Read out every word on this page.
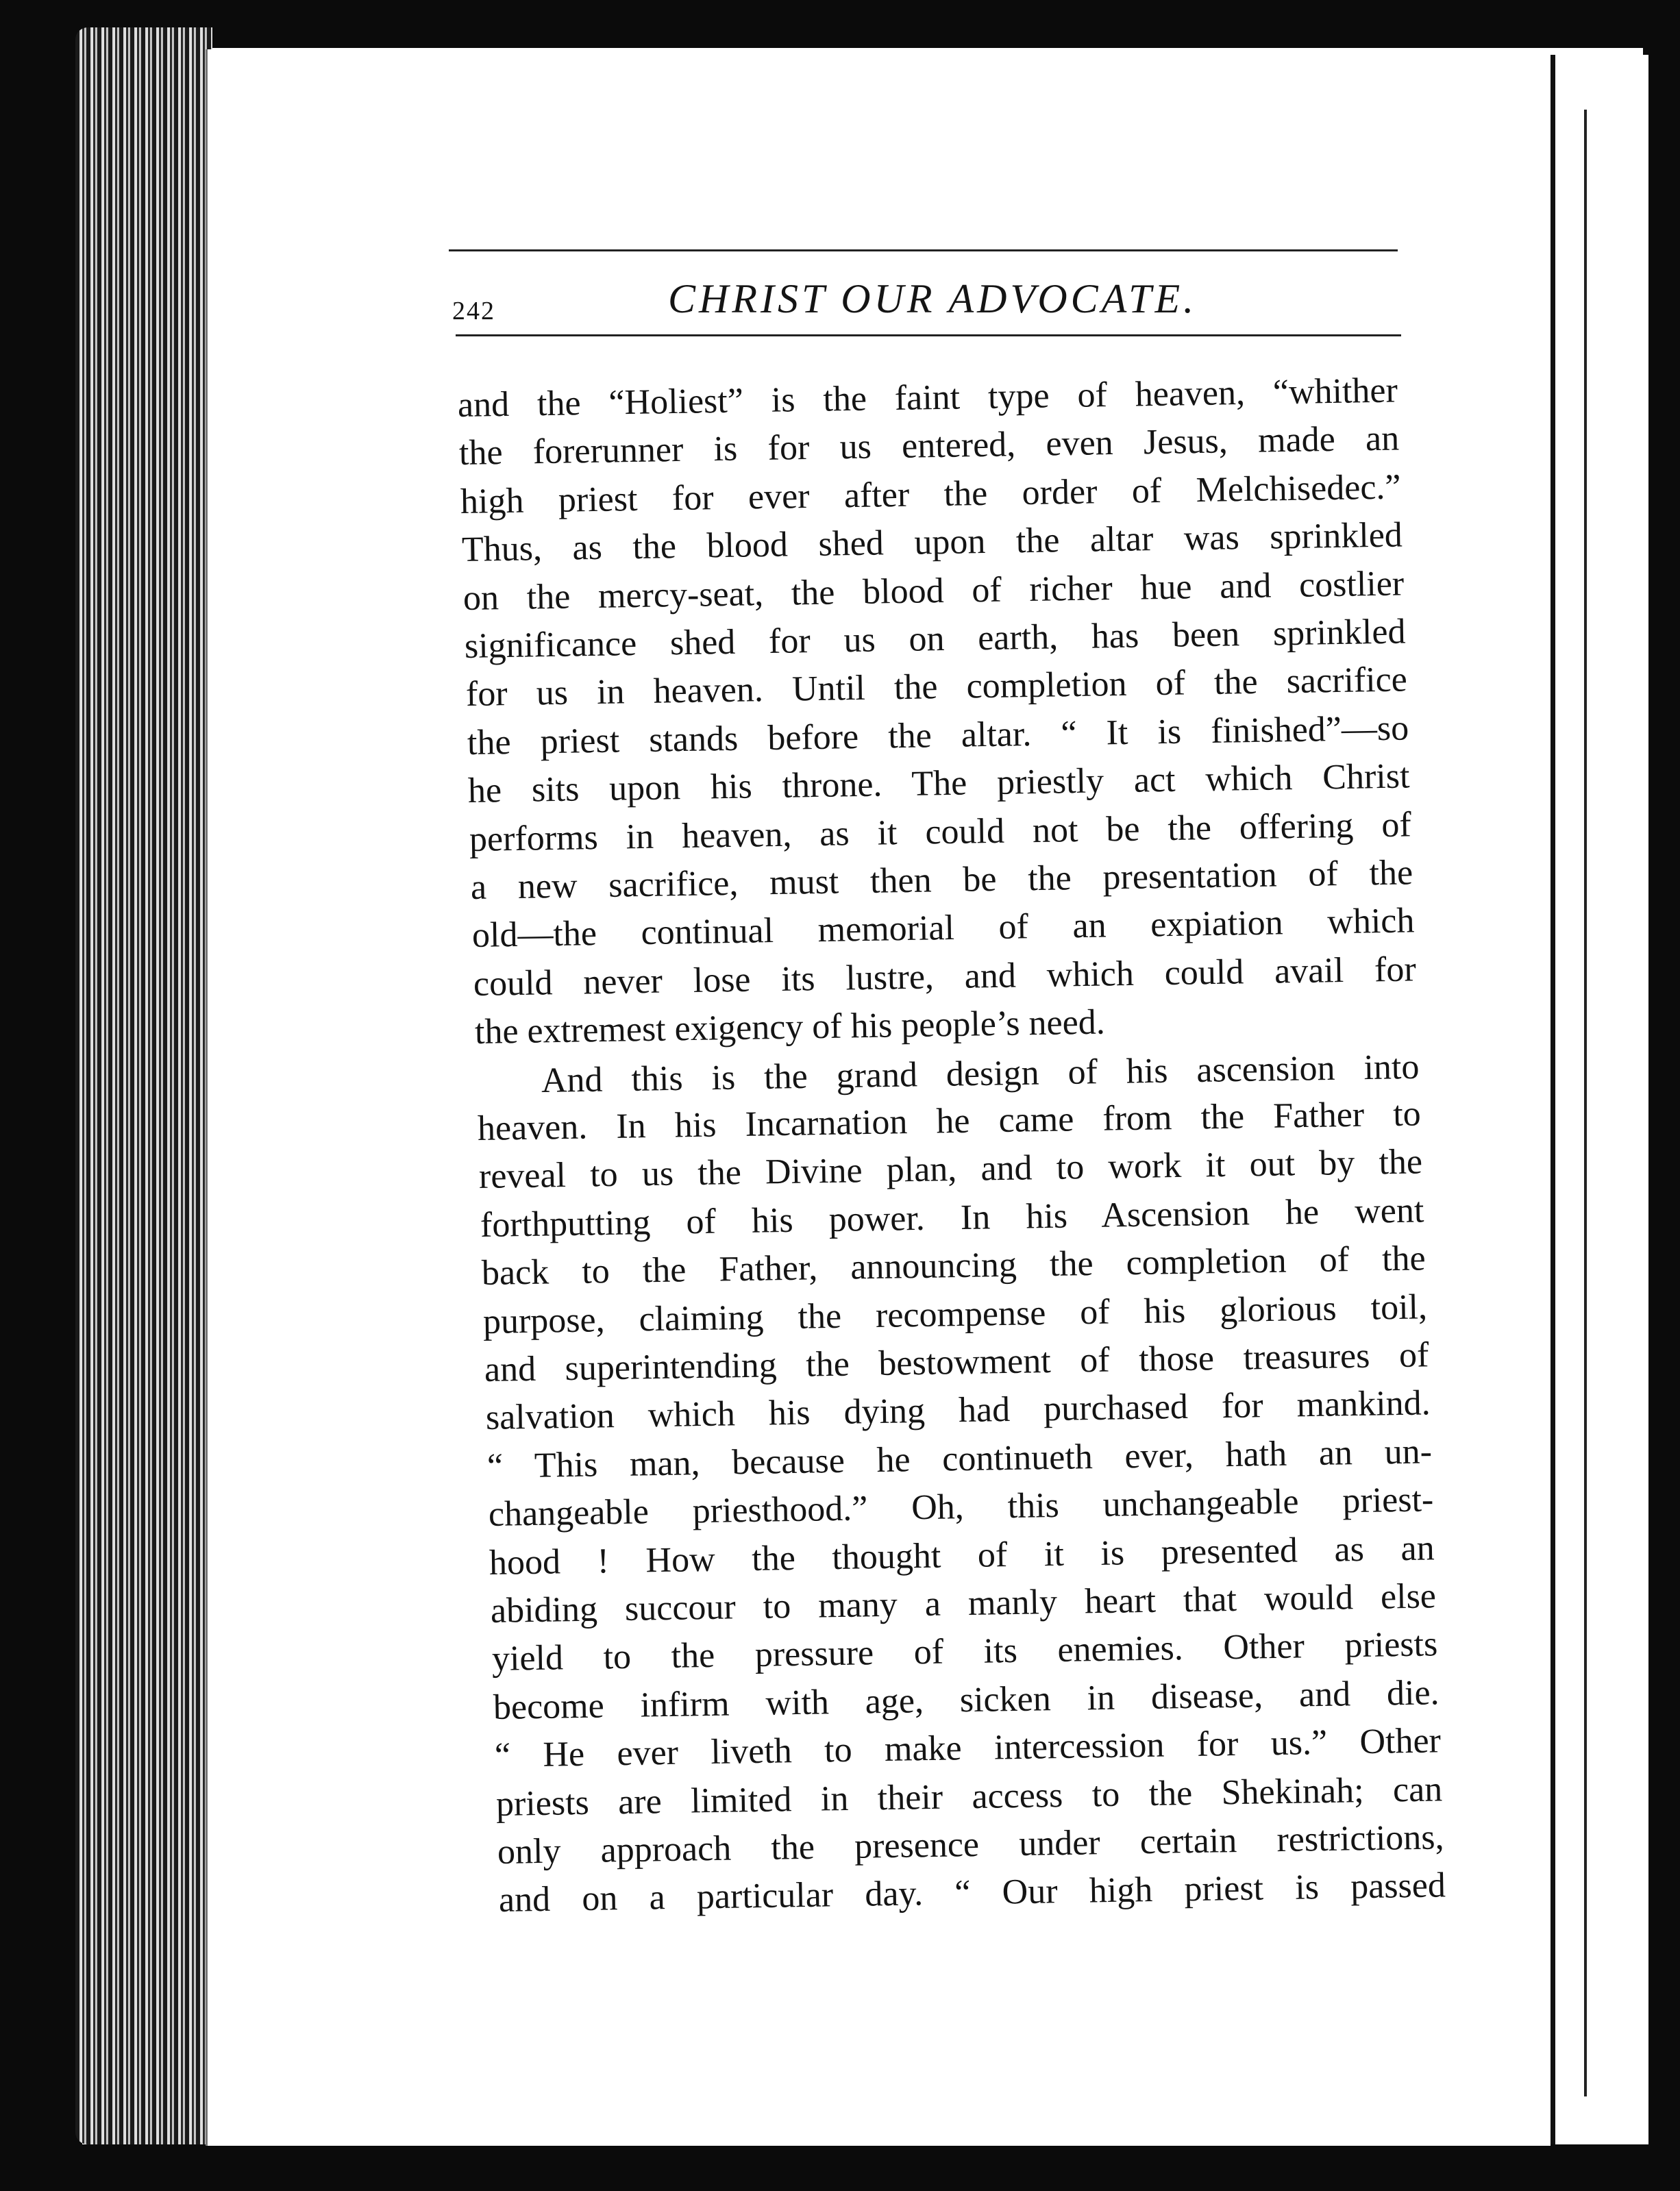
242	CHRIST OUR ADVOCATE.
and the “Holiest” is the faint type of heaven, “whither
the forerunner is for us entered, even Jesus, made an
high priest for ever after the order of Melchisedec.”
Thus, as the blood shed upon the altar was sprinkled
on the mercy-seat, the blood of richer hue and costlier
significance shed for us on earth, has been sprinkled
for us in heaven. Until the completion of the sacrifice
the priest stands before the altar. “ It is finished”—so
he sits upon his throne. The priestly act which Christ
performs in heaven, as it could not be the offering of
a new sacrifice, must then be the presentation of the
old—the continual memorial of an expiation which
could never lose its lustre, and which could avail for
the extremest exigency of his people’s need.
And this is the grand design of his ascension into
heaven. In his Incarnation he came from the Father to
reveal to us the Divine plan, and to work it out by the
forthputting of his power. In his Ascension he went
back to the Father, announcing the completion of the
purpose, claiming the recompense of his glorious toil,
and superintending the bestowment of those treasures of
salvation which his dying had purchased for mankind.
“ This man, because he continueth ever, hath an un-
changeable priesthood.” Oh, this unchangeable priest-
hood ! How the thought of it is presented as an
abiding succour to many a manly heart that would else
yield to the pressure of its enemies. Other priests
become infirm with age, sicken in disease, and die.
“ He ever liveth to make intercession for us.” Other
priests are limited in their access to the Shekinah; can
only approach the presence under certain restrictions,
and on a particular day. “ Our high priest is passed
